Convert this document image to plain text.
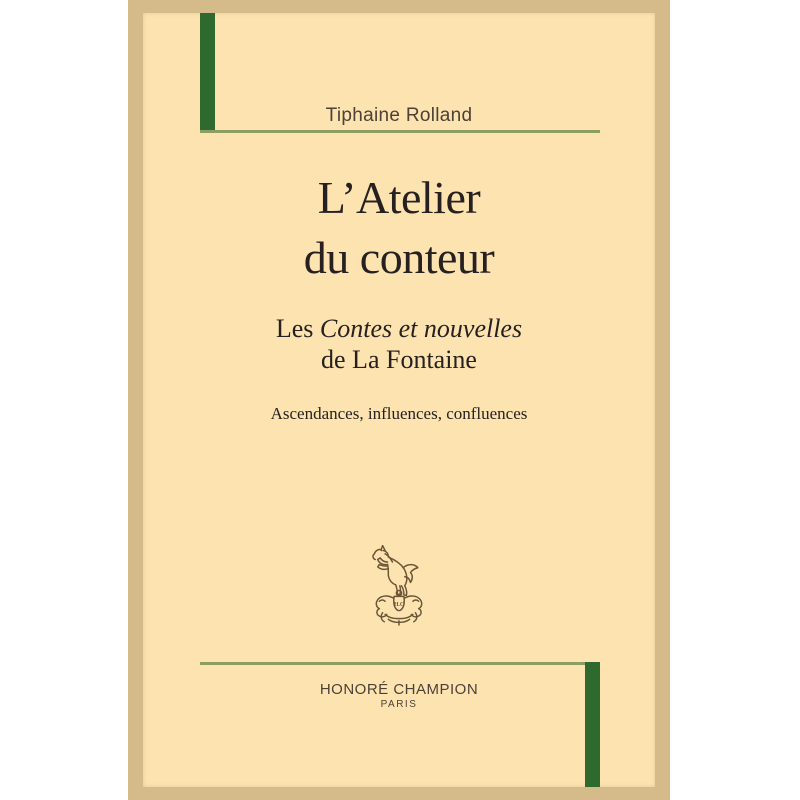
Tiphaine Rolland
L’Atelier
du conteur
Les Contes et nouvelles
de La Fontaine
Ascendances, influences, confluences
H.C
HONORÉ CHAMPION
PARIS
